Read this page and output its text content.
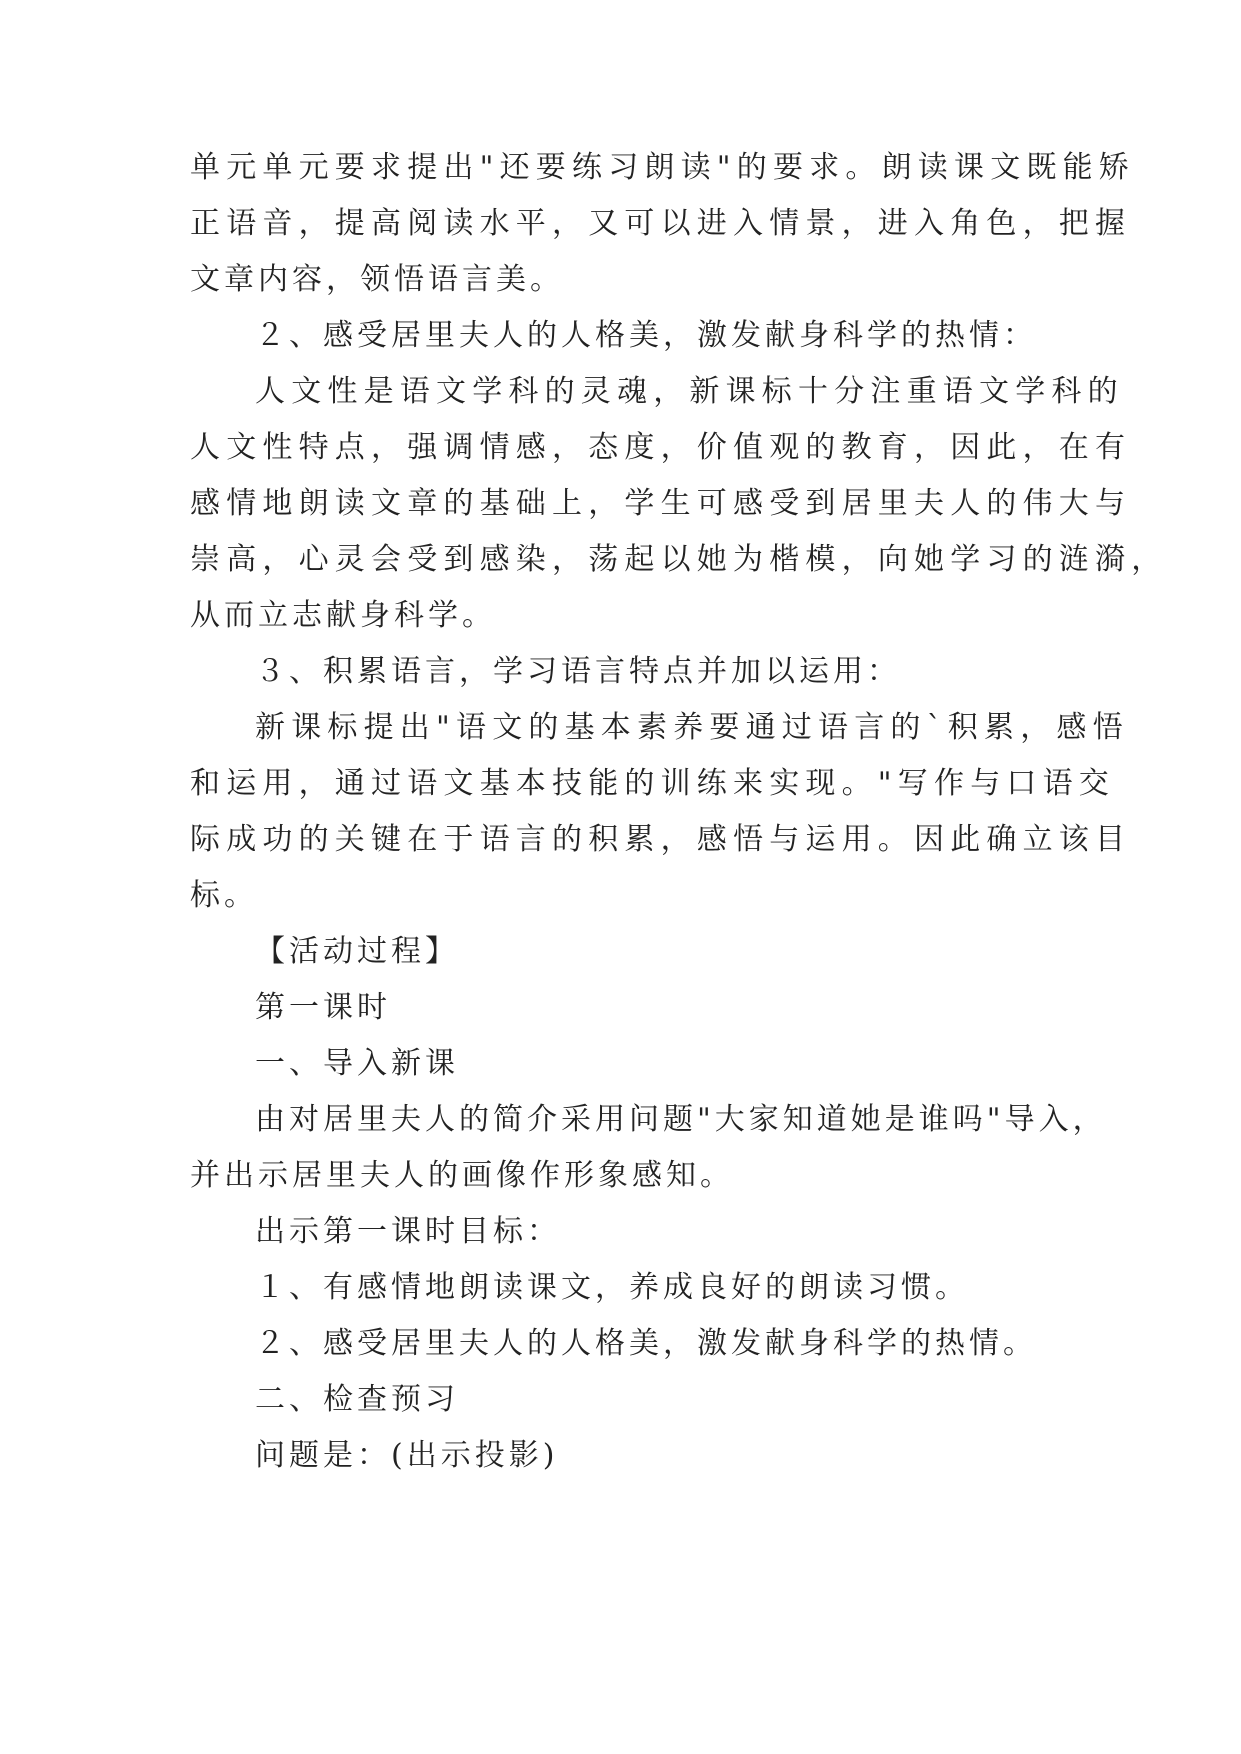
单元单元要求提出"还要练习朗读"的要求。朗读课文既能矫

正语音，提高阅读水平，又可以进入情景，进入角色，把握

文章内容，领悟语言美。

２、感受居里夫人的人格美，激发献身科学的热情：

人文性是语文学科的灵魂，新课标十分注重语文学科的

人文性特点，强调情感，态度，价值观的教育，因此，在有

感情地朗读文章的基础上，学生可感受到居里夫人的伟大与

崇高，心灵会受到感染，荡起以她为楷模，向她学习的涟漪，

从而立志献身科学。

３、积累语言，学习语言特点并加以运用：

新课标提出"语文的基本素养要通过语言的`积累，感悟

和运用，通过语文基本技能的训练来实现。"写作与口语交

际成功的关键在于语言的积累，感悟与运用。因此确立该目

标。

【活动过程】

第一课时

一、导入新课

由对居里夫人的简介采用问题"大家知道她是谁吗"导入，

并出示居里夫人的画像作形象感知。

出示第一课时目标：

１、有感情地朗读课文，养成良好的朗读习惯。

２、感受居里夫人的人格美，激发献身科学的热情。

二、检查预习

问题是：(出示投影)
